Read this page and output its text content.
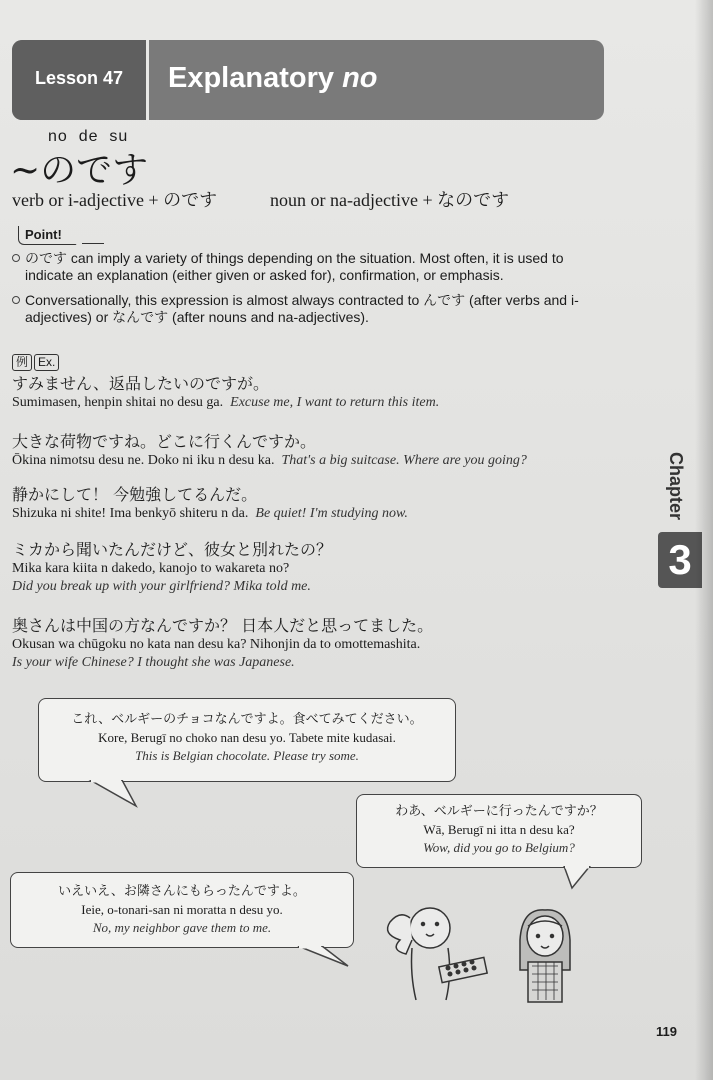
Lesson 47	Explanatory no
no  de  su
~のです
verb or i-adjective + のです	noun or na-adjective + なのです
Point!
のです can imply a variety of things depending on the situation. Most often, it is used to indicate an explanation (either given or asked for), confirmation, or emphasis.
Conversationally, this expression is almost always contracted to んです (after verbs and i-adjectives) or なんです (after nouns and na-adjectives).
例 Ex.
すみません、返品したいのですが。
Sumimasen, henpin shitai no desu ga. Excuse me, I want to return this item.
大きな荷物ですね。どこに行くんですか。
Ōkina nimotsu desu ne. Doko ni iku n desu ka. That's a big suitcase. Where are you going?
静かにして！ 今勉強してるんだ。
Shizuka ni shite! Ima benkyō shiteru n da. Be quiet! I'm studying now.
ミカから聞いたんだけど、彼女と別れたの？
Mika kara kiita n dakedo, kanojo to wakareta no?
Did you break up with your girlfriend? Mika told me.
奥さんは中国の方なんですか？ 日本人だと思ってました。
Okusan wa chūgoku no kata nan desu ka? Nihonjin da to omottemashita.
Is your wife Chinese? I thought she was Japanese.
Chapter
3
これ、ベルギーのチョコなんですよ。食べてみてください。
Kore, Berugī no choko nan desu yo. Tabete mite kudasai.
This is Belgian chocolate. Please try some.
わあ、ベルギーに行ったんですか？
Wā, Berugī ni itta n desu ka?
Wow, did you go to Belgium?
いえいえ、お隣さんにもらったんですよ。
Ieie, o-tonari-san ni moratta n desu yo.
No, my neighbor gave them to me.
119
